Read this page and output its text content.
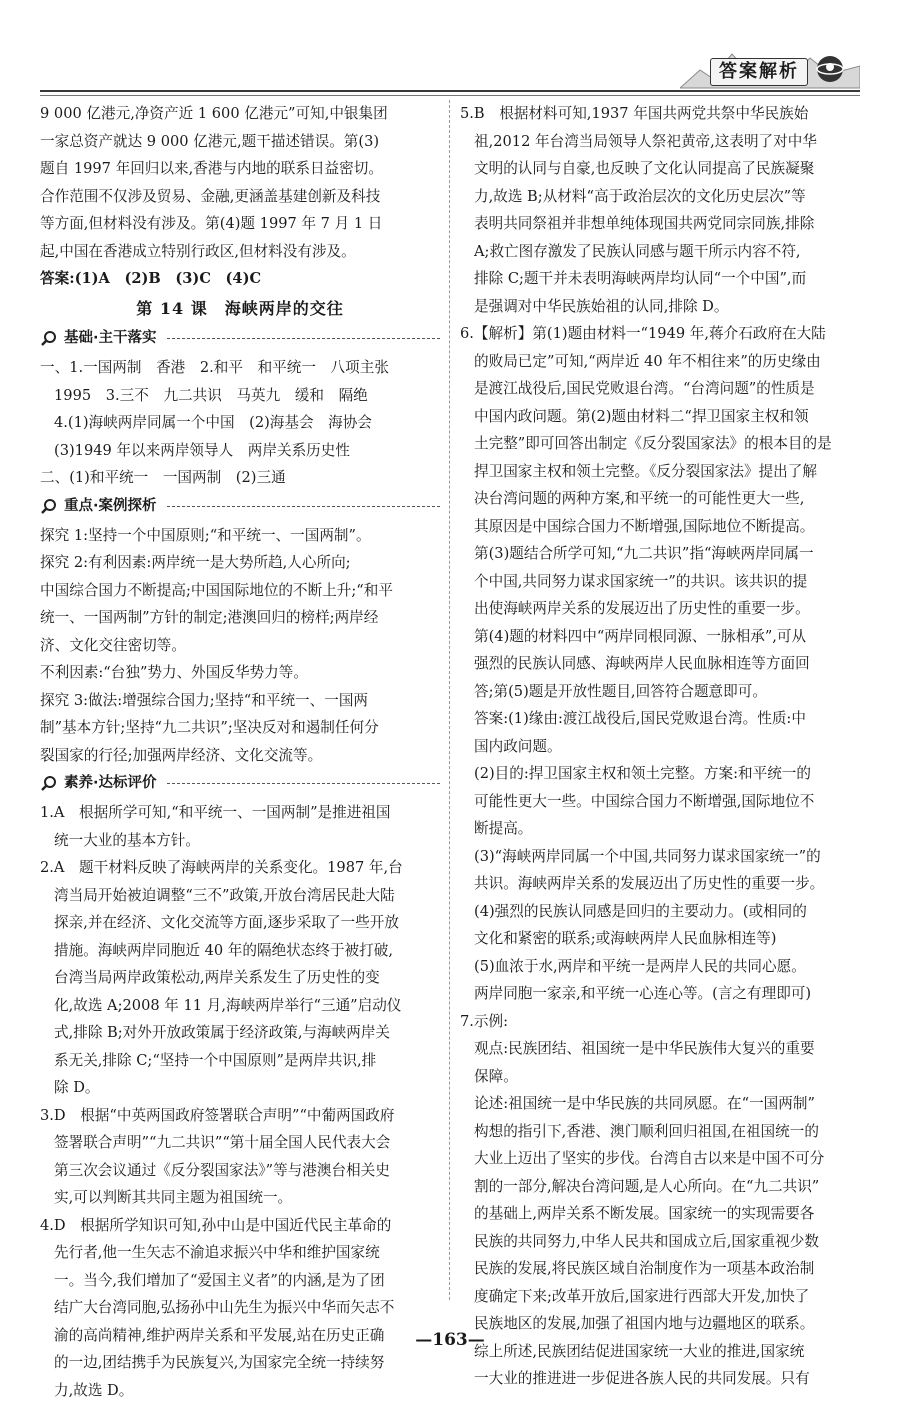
答案解析

9 000 亿港元,净资产近 1 600 亿港元”可知,中银集团

一家总资产就达 9 000 亿港元,题干描述错误。第(3)

题自 1997 年回归以来,香港与内地的联系日益密切。

合作范围不仅涉及贸易、金融,更涵盖基建创新及科技

等方面,但材料没有涉及。第(4)题 1997 年 7 月 1 日

起,中国在香港成立特别行政区,但材料没有涉及。

答案:(1)A　(2)B　(3)C　(4)C

第 14 课　海峡两岸的交往
基础·主干落实

一、1.一国两制　香港　2.和平　和平统一　八项主张

1995　3.三不　九二共识　马英九　缓和　隔绝

4.(1)海峡两岸同属一个中国　(2)海基会　海协会

(3)1949 年以来两岸领导人　两岸关系历史性

二、(1)和平统一　一国两制　(2)三通

重点·案例探析

探究 1:坚持一个中国原则;“和平统一、一国两制”。

探究 2:有利因素:两岸统一是大势所趋,人心所向;

中国综合国力不断提高;中国国际地位的不断上升;“和平

统一、一国两制”方针的制定;港澳回归的榜样;两岸经

济、文化交往密切等。

不利因素:“台独”势力、外国反华势力等。

探究 3:做法:增强综合国力;坚持“和平统一、一国两

制”基本方针;坚持“九二共识”;坚决反对和遏制任何分

裂国家的行径;加强两岸经济、文化交流等。

素养·达标评价

1.A　根据所学可知,“和平统一、一国两制”是推进祖国

统一大业的基本方针。

2.A　题干材料反映了海峡两岸的关系变化。1987 年,台

湾当局开始被迫调整“三不”政策,开放台湾居民赴大陆

探亲,并在经济、文化交流等方面,逐步采取了一些开放

措施。海峡两岸同胞近 40 年的隔绝状态终于被打破,

台湾当局两岸政策松动,两岸关系发生了历史性的变

化,故选 A;2008 年 11 月,海峡两岸举行“三通”启动仪

式,排除 B;对外开放政策属于经济政策,与海峡两岸关

系无关,排除 C;“坚持一个中国原则”是两岸共识,排

除 D。

3.D　根据“中英两国政府签署联合声明”“中葡两国政府

签署联合声明”“九二共识”“第十届全国人民代表大会

第三次会议通过《反分裂国家法》”等与港澳台相关史

实,可以判断其共同主题为祖国统一。

4.D　根据所学知识可知,孙中山是中国近代民主革命的

先行者,他一生矢志不渝追求振兴中华和维护国家统

一。当今,我们增加了“爱国主义者”的内涵,是为了团

结广大台湾同胞,弘扬孙中山先生为振兴中华而矢志不

渝的高尚精神,维护两岸关系和平发展,站在历史正确

的一边,团结携手为民族复兴,为国家完全统一持续努

力,故选 D。

5.B　根据材料可知,1937 年国共两党共祭中华民族始

祖,2012 年台湾当局领导人祭祀黄帝,这表明了对中华

文明的认同与自豪,也反映了文化认同提高了民族凝聚

力,故选 B;从材料“高于政治层次的文化历史层次”等

表明共同祭祖并非想单纯体现国共两党同宗同族,排除

A;救亡图存激发了民族认同感与题干所示内容不符,

排除 C;题干并未表明海峡两岸均认同“一个中国”,而

是强调对中华民族始祖的认同,排除 D。

6.【解析】第(1)题由材料一“1949 年,蒋介石政府在大陆

的败局已定”可知,“两岸近 40 年不相往来”的历史缘由

是渡江战役后,国民党败退台湾。“台湾问题”的性质是

中国内政问题。第(2)题由材料二“捍卫国家主权和领

土完整”即可回答出制定《反分裂国家法》的根本目的是

捍卫国家主权和领土完整。《反分裂国家法》提出了解

决台湾问题的两种方案,和平统一的可能性更大一些,

其原因是中国综合国力不断增强,国际地位不断提高。

第(3)题结合所学可知,“九二共识”指“海峡两岸同属一

个中国,共同努力谋求国家统一”的共识。该共识的提

出使海峡两岸关系的发展迈出了历史性的重要一步。

第(4)题的材料四中“两岸同根同源、一脉相承”,可从

强烈的民族认同感、海峡两岸人民血脉相连等方面回

答;第(5)题是开放性题目,回答符合题意即可。

答案:(1)缘由:渡江战役后,国民党败退台湾。性质:中

国内政问题。

(2)目的:捍卫国家主权和领土完整。方案:和平统一的

可能性更大一些。中国综合国力不断增强,国际地位不

断提高。

(3)“海峡两岸同属一个中国,共同努力谋求国家统一”的

共识。海峡两岸关系的发展迈出了历史性的重要一步。

(4)强烈的民族认同感是回归的主要动力。(或相同的

文化和紧密的联系;或海峡两岸人民血脉相连等)

(5)血浓于水,两岸和平统一是两岸人民的共同心愿。

两岸同胞一家亲,和平统一心连心等。(言之有理即可)

7.示例:

观点:民族团结、祖国统一是中华民族伟大复兴的重要

保障。

论述:祖国统一是中华民族的共同夙愿。在“一国两制”

构想的指引下,香港、澳门顺利回归祖国,在祖国统一的

大业上迈出了坚实的步伐。台湾自古以来是中国不可分

割的一部分,解决台湾问题,是人心所向。在“九二共识”

的基础上,两岸关系不断发展。国家统一的实现需要各

民族的共同努力,中华人民共和国成立后,国家重视少数

民族的发展,将民族区域自治制度作为一项基本政治制

度确定下来;改革开放后,国家进行西部大开发,加快了

民族地区的发展,加强了祖国内地与边疆地区的联系。

综上所述,民族团结促进国家统一大业的推进,国家统

一大业的推进进一步促进各族人民的共同发展。只有

—163—
